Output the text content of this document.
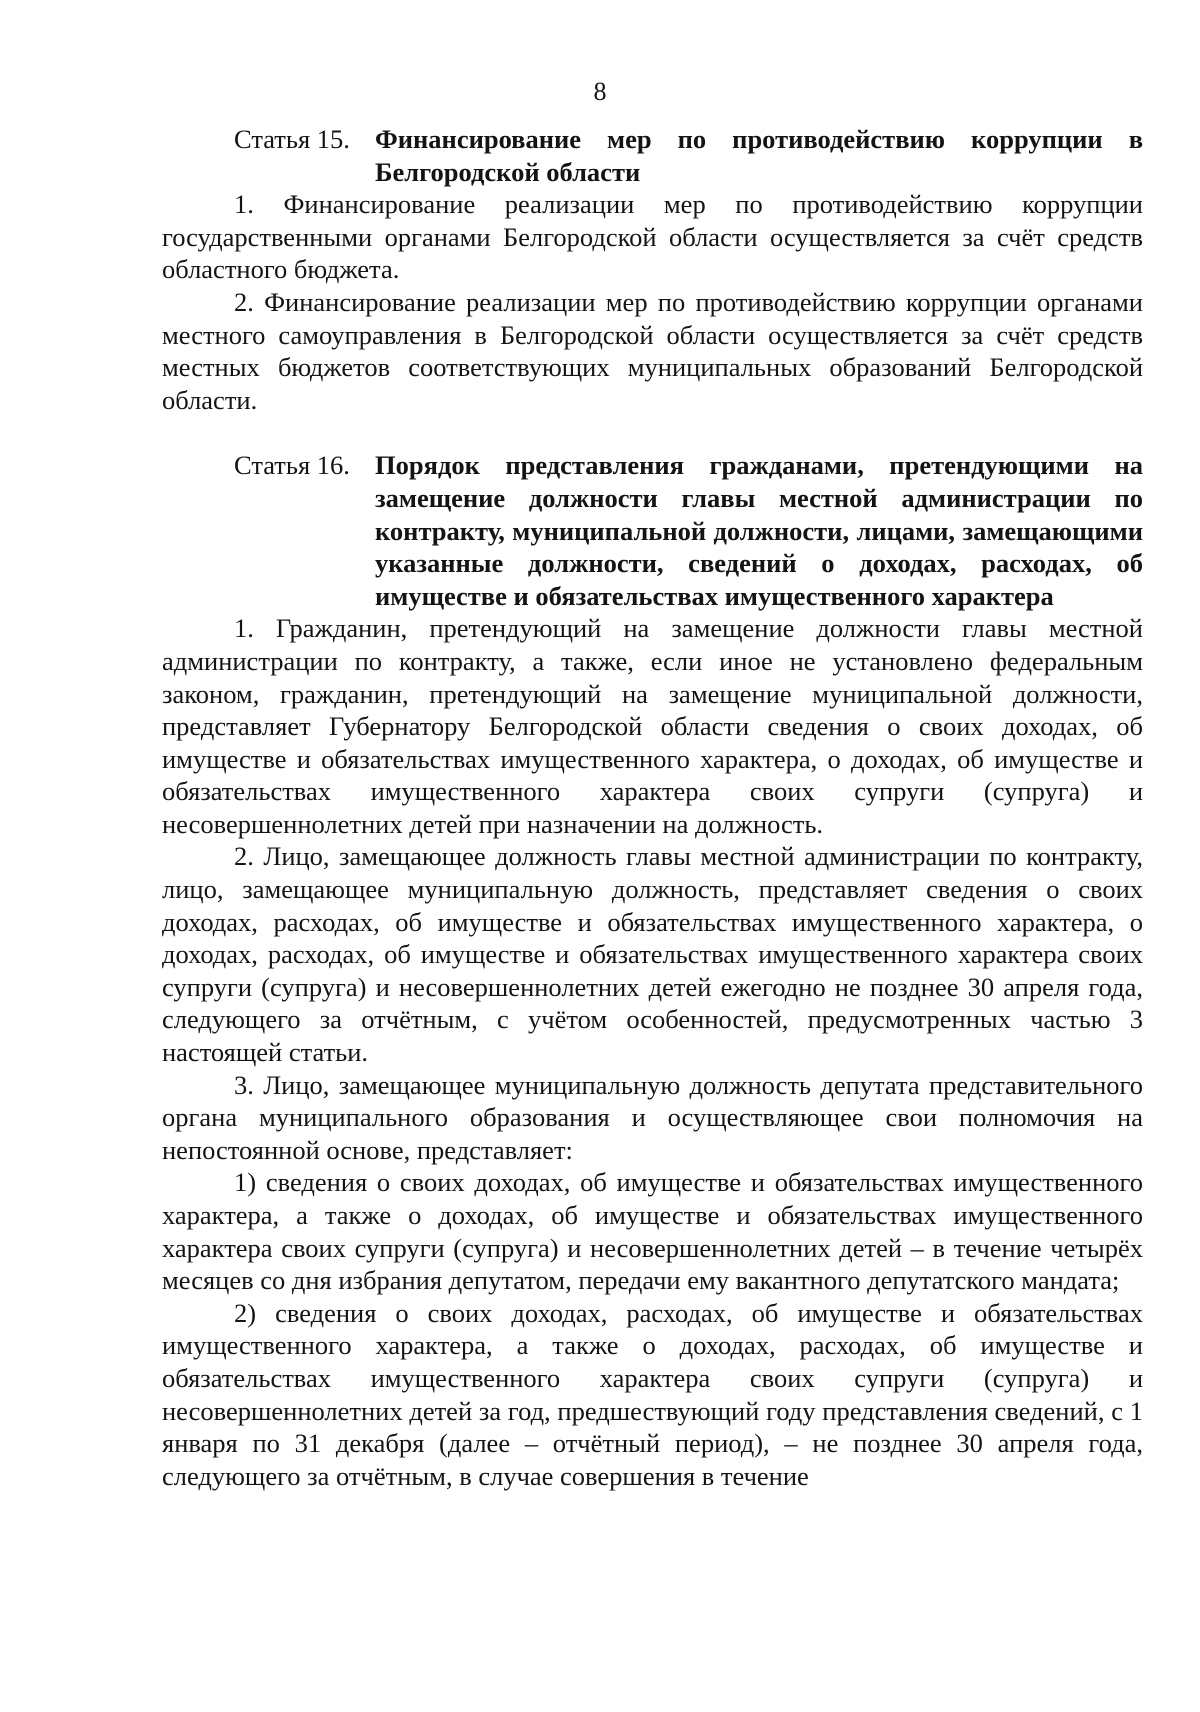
8
Статья 15. Финансирование мер по противодействию коррупции в Белгородской области

1. Финансирование реализации мер по противодействию коррупции государственными органами Белгородской области осуществляется за счёт средств областного бюджета.

2. Финансирование реализации мер по противодействию коррупции органами местного самоуправления в Белгородской области осуществляется за счёт средств местных бюджетов соответствующих муниципальных образований Белгородской области.

Статья 16. Порядок представления гражданами, претендующими на замещение должности главы местной администрации по контракту, муниципальной должности, лицами, замещающими указанные должности, сведений о доходах, расходах, об имуществе и обязательствах имущественного характера

1. Гражданин, претендующий на замещение должности главы местной администрации по контракту, а также, если иное не установлено федеральным законом, гражданин, претендующий на замещение муниципальной должности, представляет Губернатору Белгородской области сведения о своих доходах, об имуществе и обязательствах имущественного характера, о доходах, об имуществе и обязательствах имущественного характера своих супруги (супруга) и несовершеннолетних детей при назначении на должность.

2. Лицо, замещающее должность главы местной администрации по контракту, лицо, замещающее муниципальную должность, представляет сведения о своих доходах, расходах, об имуществе и обязательствах имущественного характера, о доходах, расходах, об имуществе и обязательствах имущественного характера своих супруги (супруга) и несовершеннолетних детей ежегодно не позднее 30 апреля года, следующего за отчётным, с учётом особенностей, предусмотренных частью 3 настоящей статьи.

3. Лицо, замещающее муниципальную должность депутата представительного органа муниципального образования и осуществляющее свои полномочия на непостоянной основе, представляет:

1) сведения о своих доходах, об имуществе и обязательствах имущественного характера, а также о доходах, об имуществе и обязательствах имущественного характера своих супруги (супруга) и несовершеннолетних детей – в течение четырёх месяцев со дня избрания депутатом, передачи ему вакантного депутатского мандата;

2) сведения о своих доходах, расходах, об имуществе и обязательствах имущественного характера, а также о доходах, расходах, об имуществе и обязательствах имущественного характера своих супруги (супруга) и несовершеннолетних детей за год, предшествующий году представления сведений, с 1 января по 31 декабря (далее – отчётный период), – не позднее 30 апреля года, следующего за отчётным, в случае совершения в течение
